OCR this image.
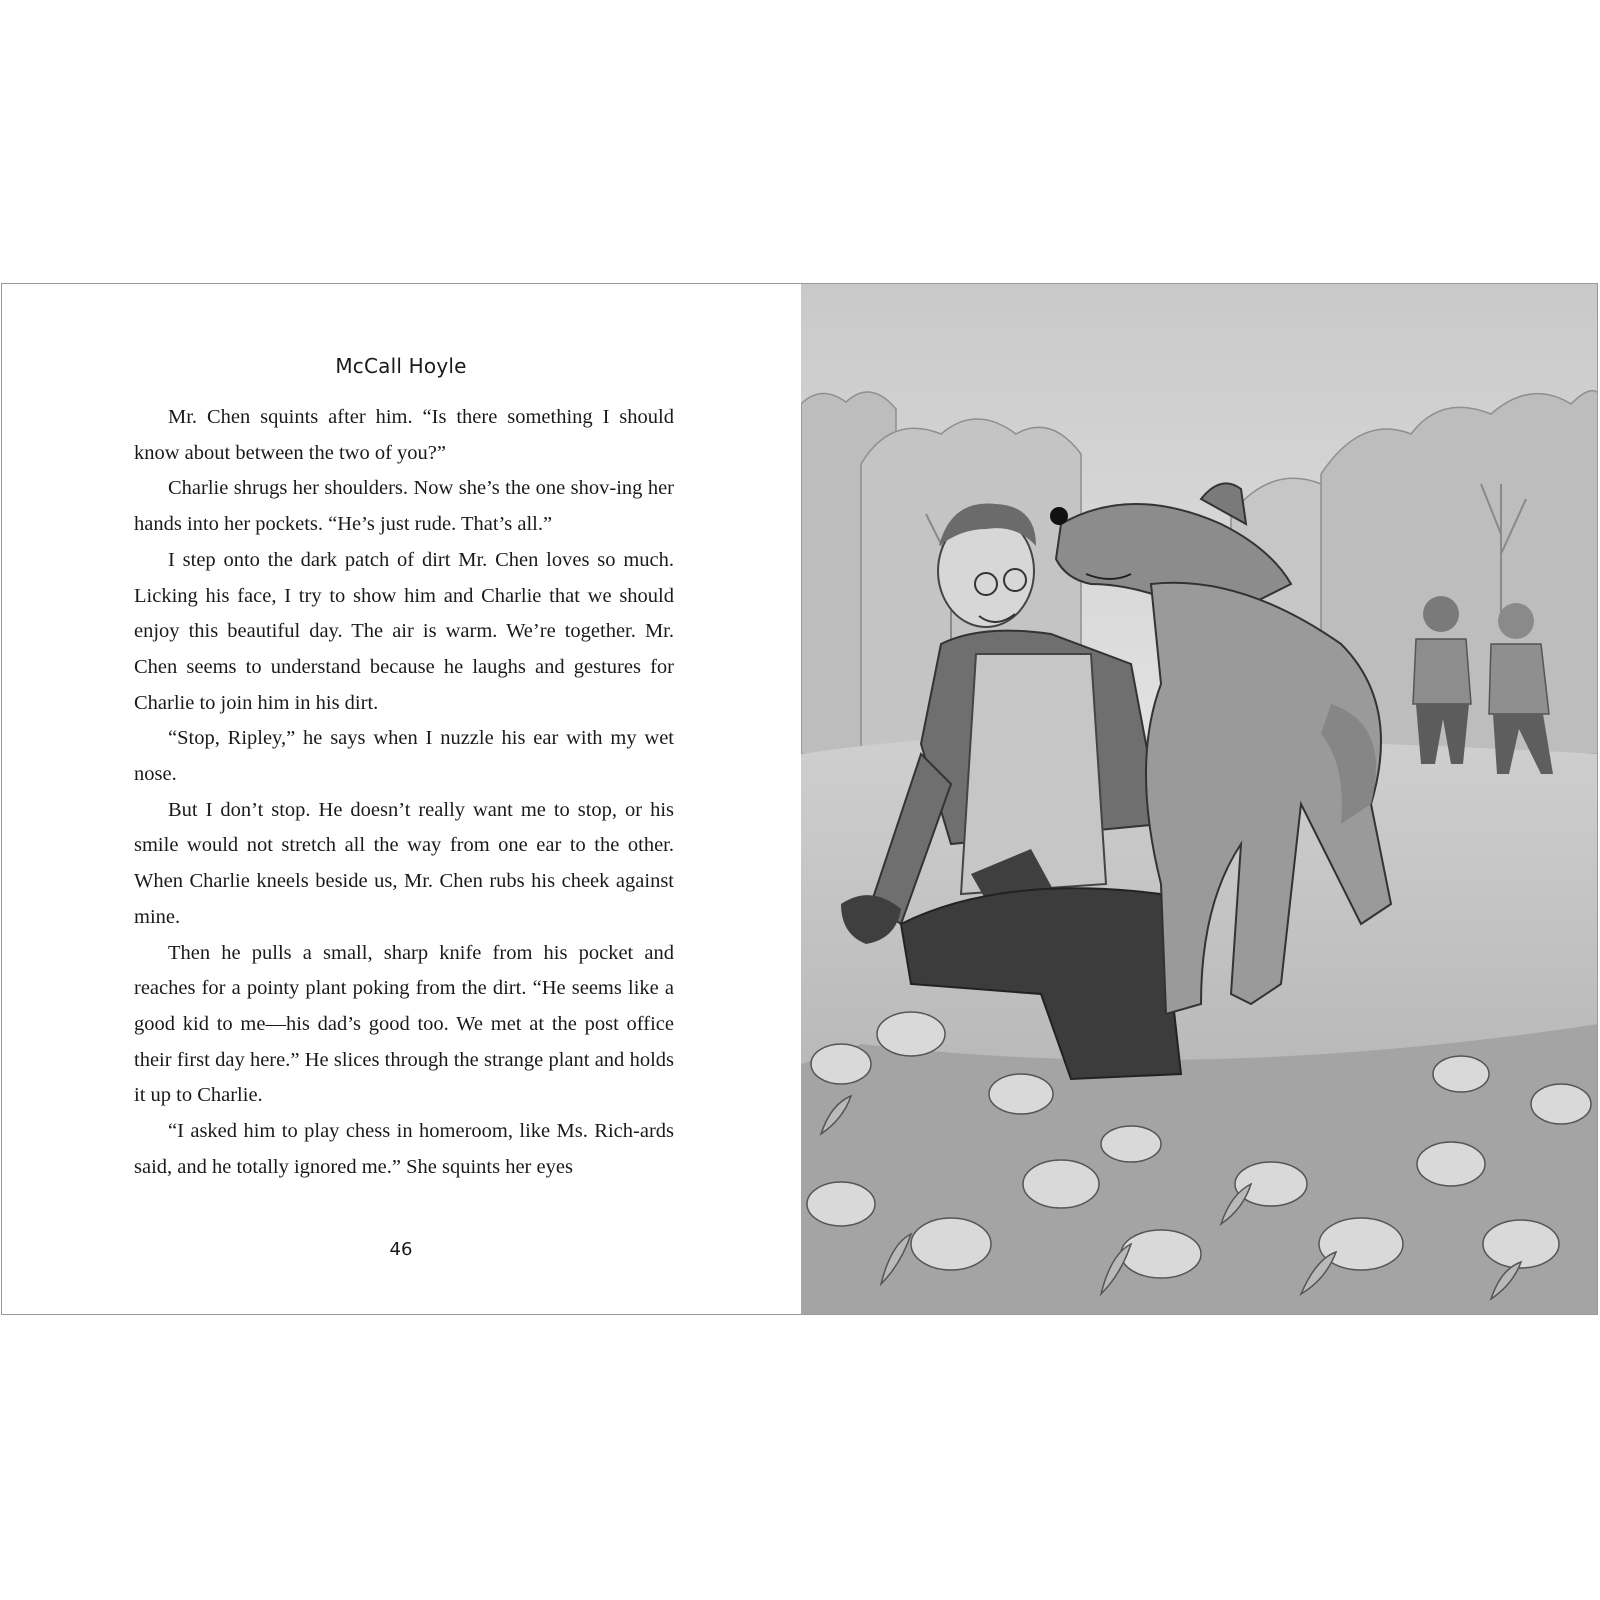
McCall Hoyle

Mr. Chen squints after him. “Is there something I should know about between the two of you?”

Charlie shrugs her shoulders. Now she’s the one shov-ing her hands into her pockets. “He’s just rude. That’s all.”

I step onto the dark patch of dirt Mr. Chen loves so much. Licking his face, I try to show him and Charlie that we should enjoy this beautiful day. The air is warm. We’re together. Mr. Chen seems to understand because he laughs and gestures for Charlie to join him in his dirt.

“Stop, Ripley,” he says when I nuzzle his ear with my wet nose.

But I don’t stop. He doesn’t really want me to stop, or his smile would not stretch all the way from one ear to the other. When Charlie kneels beside us, Mr. Chen rubs his cheek against mine.

Then he pulls a small, sharp knife from his pocket and reaches for a pointy plant poking from the dirt. “He seems like a good kid to me—his dad’s good too. We met at the post office their first day here.” He slices through the strange plant and holds it up to Charlie.

“I asked him to play chess in homeroom, like Ms. Rich-ards said, and he totally ignored me.” She squints her eyes

46
